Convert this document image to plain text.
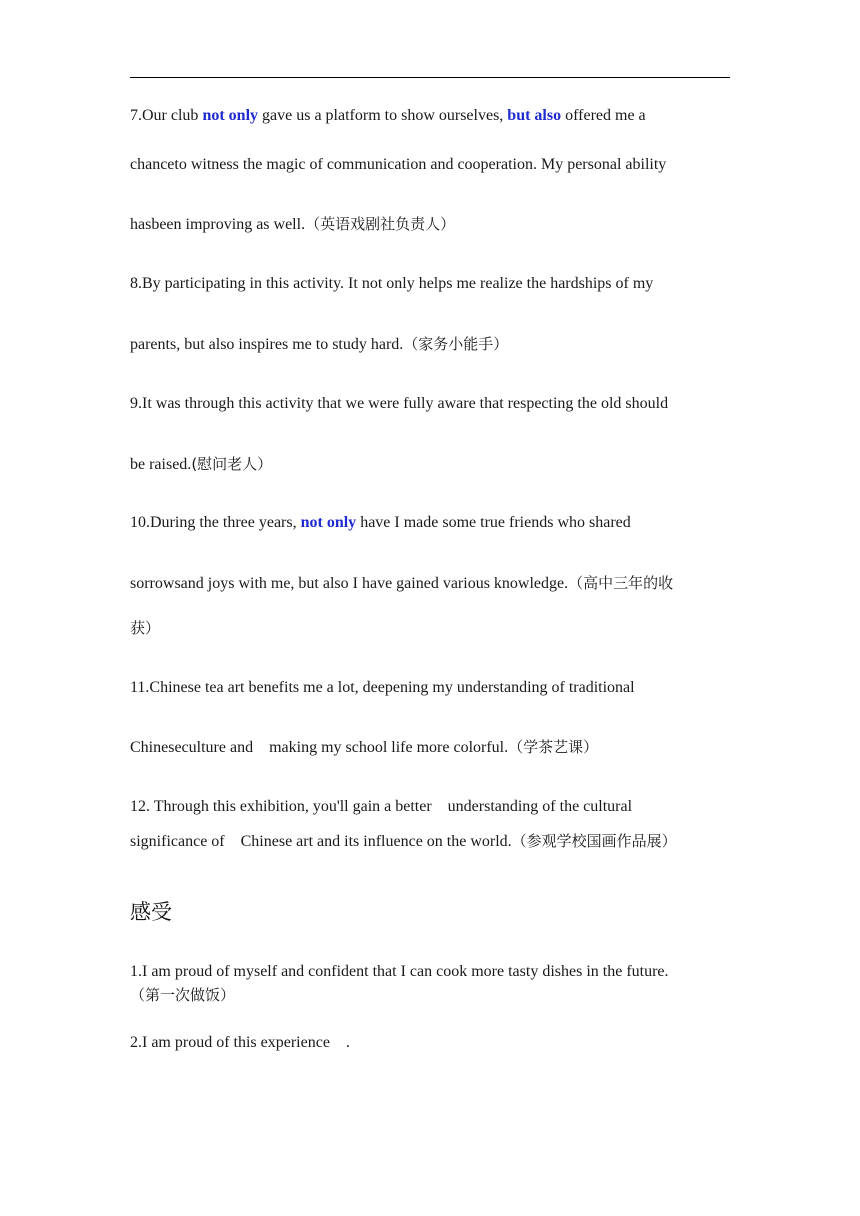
7.Our club not only gave us a platform to show ourselves, but also offered me a
chanceto witness the magic of communication and cooperation. My personal ability
hasbeen improving as well.（英语戏剧社负责人）
8.By participating in this activity. It not only helps me realize the hardships of my
parents, but also inspires me to study hard.（家务小能手）
9.It was through this activity that we were fully aware that respecting the old should
be raised.(慰问老人）
10.During the three years, not only have I made some true friends who shared
sorrowsand joys with me, but also I have gained various knowledge.（高中三年的收
获）
11.Chinese tea art benefits me a lot, deepening my understanding of traditional
Chineseculture and　making my school life more colorful.（学茶艺课）
12. Through this exhibition, you'll gain a better　understanding of the cultural
significance of　Chinese art and its influence on the world.（参观学校国画作品展）
感受
1.I am proud of myself and confident that I can cook more tasty dishes in the future.
（第一次做饭）
2.I am proud of this experience　.
